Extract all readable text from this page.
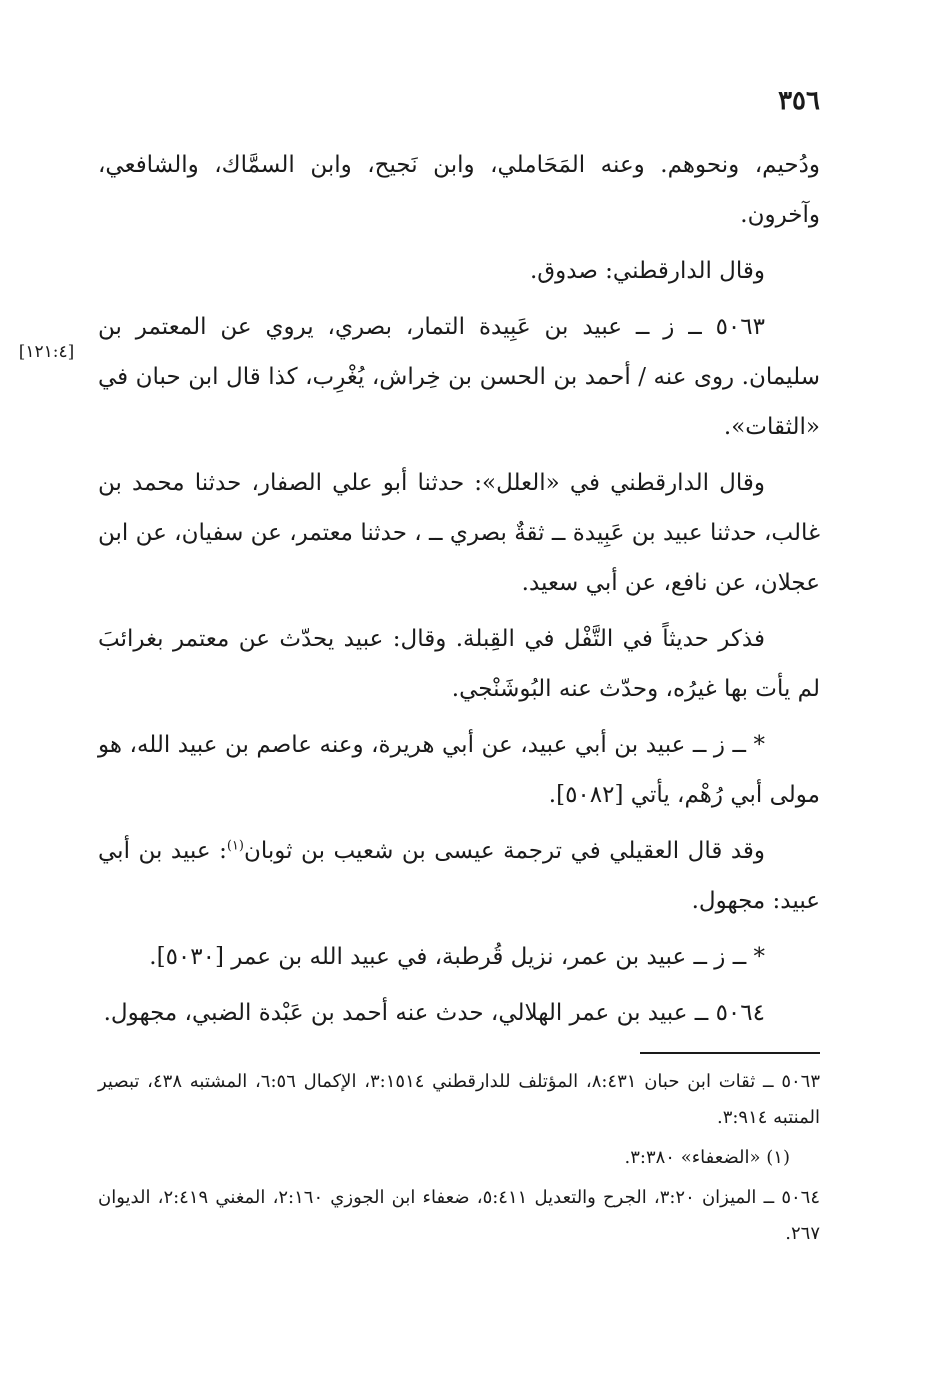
٣٥٦
[١٢١:٤]

ودُحيم، ونحوهم. وعنه المَحَاملي، وابن نَجيح، وابن السمَّاك، والشافعي، وآخرون.

وقال الدارقطني: صدوق.

٥٠٦٣ ــ ز ــ عبيد بن عَبِيدة التمار، بصري، يروي عن المعتمر بن سليمان. روى عنه / أحمد بن الحسن بن خِراش، يُغْرِب، كذا قال ابن حبان في «الثقات».

وقال الدارقطني في «العلل»: حدثنا أبو علي الصفار، حدثنا محمد بن غالب، حدثنا عبيد بن عَبِيدة ــ ثقةٌ بصري ــ ، حدثنا معتمر، عن سفيان، عن ابن عجلان، عن نافع، عن أبي سعيد.

فذكر حديثاً في التَّفْل في القِبلة. وقال: عبيد يحدّث عن معتمر بغرائبَ لم يأت بها غيرُه، وحدّث عنه البُوشَنْجي.

* ــ ز ــ عبيد بن أبي عبيد، عن أبي هريرة، وعنه عاصم بن عبيد الله، هو مولى أبي رُهْم، يأتي [٥٠٨٢].

وقد قال العقيلي في ترجمة عيسى بن شعيب بن ثوبان$^{(١)}$: عبيد بن أبي عبيد: مجهول.

* ــ ز ــ عبيد بن عمر، نزيل قُرطبة، في عبيد الله بن عمر [٥٠٣٠].

٥٠٦٤ ــ عبيد بن عمر الهلالي، حدث عنه أحمد بن عَبْدة الضبي، مجهول.

٥٠٦٣ ــ ثقات ابن حبان ٨:٤٣١، المؤتلف للدارقطني ٣:١٥١٤، الإكمال ٦:٥٦، المشتبه ٤٣٨، تبصير المنتبه ٣:٩١٤.

(١) «الضعفاء» ٣:٣٨٠.

٥٠٦٤ ــ الميزان ٣:٢٠، الجرح والتعديل ٥:٤١١، ضعفاء ابن الجوزي ٢:١٦٠، المغني ٢:٤١٩، الديوان ٢٦٧.
